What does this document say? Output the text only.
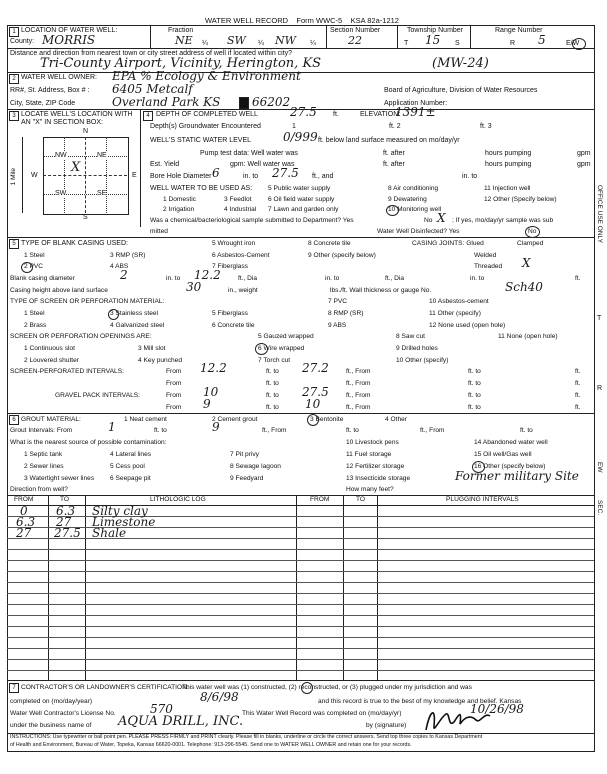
WATER WELL RECORD Form WWC-5 KSA 82a-1212
1 LOCATION OF WATER WELL:
County: MORRIS
Fraction
NE ¼ SW ¼ NW ¼
Section Number
22
Township Number
T 15 S
Range Number
R 5	E/W
Distance and direction from nearest town or city street address of well if located within city?
Tri-County Airport, Vicinity, Herington, KS	(MW-24)
2 WATER WELL OWNER: EPA % Ecology & Environment
RR#, St. Address, Box # : 6405 Metcalf	Board of Agriculture, Division of Water Resources
City, State, ZIP Code	Overland Park KS	66202	Application Number:
3 LOCATE WELL'S LOCATION WITH AN "X" IN SECTION BOX:
N
NW	NE
SW	SE
X
W	E
S
1 Mile
4 DEPTH OF COMPLETED WELL	27.5 ft.	ELEVATION:
1391±
Depth(s) Groundwater Encountered	1	ft. 2	ft. 3
WELL'S STATIC WATER LEVEL	0/999 ft. below land surface measured on mo/day/yr
Pump test data: Well water was	ft. after	hours pumping	gpm
Est. Yield	gpm: Well water was	ft. after	hours pumping	gpm
Bore Hole Diameter 6	in. to 27.5 ft., and	in. to
WELL WATER TO BE USED AS: 5 Public water supply	8 Air conditioning	11 Injection well
1 Domestic	3 Feedlot	6 Oil field water supply	9 Dewatering	12 Other (Specify below)
2 Irrigation	4 Industrial 7 Lawn and garden only	10 Monitoring well
Was a chemical/bacteriological sample submitted to Department? Yes	No X ; If yes, mo/day/yr sample was sub
mitted	Water Well Disinfected? Yes	No
5 TYPE OF BLANK CASING USED:	5 Wrought iron	8 Concrete tile	CASING JOINTS: Glued	Clamped
1 Steel	3 RMP (SR)	6 Asbestos-Cement	9 Other (specify below)	Welded
2 PVC	4 ABS	7 Fiberglass	Threaded X
Blank casing diameter	2	in. to 12.2	ft., Dia	in. to	ft., Dia	in. to	ft.
Casing height above land surface	30	in., weight	lbs./ft. Wall thickness or gauge No.	Sch40
TYPE OF SCREEN OR PERFORATION MATERIAL:	7 PVC	10 Asbestos-cement
1 Steel	3 Stainless steel	5 Fiberglass	8 RMP (SR)	11 Other (specify)
2 Brass	4 Galvanized steel	6 Concrete tile	9 ABS	12 None used (open hole)
SCREEN OR PERFORATION OPENINGS ARE:	5 Gauzed wrapped	8 Saw cut	11 None (open hole)
1 Continuous slot	3 Mill slot	6 Wire wrapped	9 Drilled holes
2 Louvered shutter	4 Key punched	7 Torch cut	10 Other (specify)
SCREEN-PERFORATED INTERVALS:	From 12.2	ft. to 27.2	ft., From	ft. to	ft.
From	ft. to	ft., From	ft. to	ft.
GRAVEL PACK INTERVALS:	From 10	ft. to 27.5	ft., From	ft. to	ft.
From 9	ft. to 10	ft., From	ft. to	ft.
6 GROUT MATERIAL:	1 Neat cement	2 Cement grout	3 Bentonite	4 Other
Grout Intervals: From	1	ft. to	9	ft., From	ft. to	ft., From	ft. to
What is the nearest source of possible contamination:	10 Livestock pens	14 Abandoned water well
1 Septic tank	4 Lateral lines	7 Pit privy	11 Fuel storage	15 Oil well/Gas well
2 Sewer lines	5 Cess pool	8 Sewage lagoon	12 Fertilizer storage	16 Other (specify below)
3 Watertight sewer lines 6 Seepage pit	9 Feedyard	13 Insecticide storage	Former military Site
Direction from well?	How many feet?
FROM	TO	LITHOLOGIC LOG	FROM	TO	PLUGGING INTERVALS
0 6.3 Silty clay
6.3 27 Limestone
27 27.5 Shale
7 CONTRACTOR'S OR LANDOWNER'S CERTIFICATION:
This water well was (1) constructed, (2) reconstructed, or (3) plugged under my jurisdiction and was
completed on (mo/day/year)	8/6/98	and this record is true to the best of my knowledge and belief. Kansas
Water Well Contractor's License No.	570	This Water Well Record was completed on (mo/day/yr)	10/26/98
under the business name of AQUA DRILL, INC.	by (signature)
INSTRUCTIONS: Use typewriter or ball point pen. PLEASE PRESS FIRMLY and PRINT clearly. Please fill in blanks, underline or circle the correct answers. Send top three copies to Kansas Department
of Health and Environment, Bureau of Water, Topeka, Kansas 66620-0001. Telephone: 913-296-5545. Send one to WATER WELL OWNER and retain one for your records.
OFFICE USE ONLY
T
R
EW
SEC.
